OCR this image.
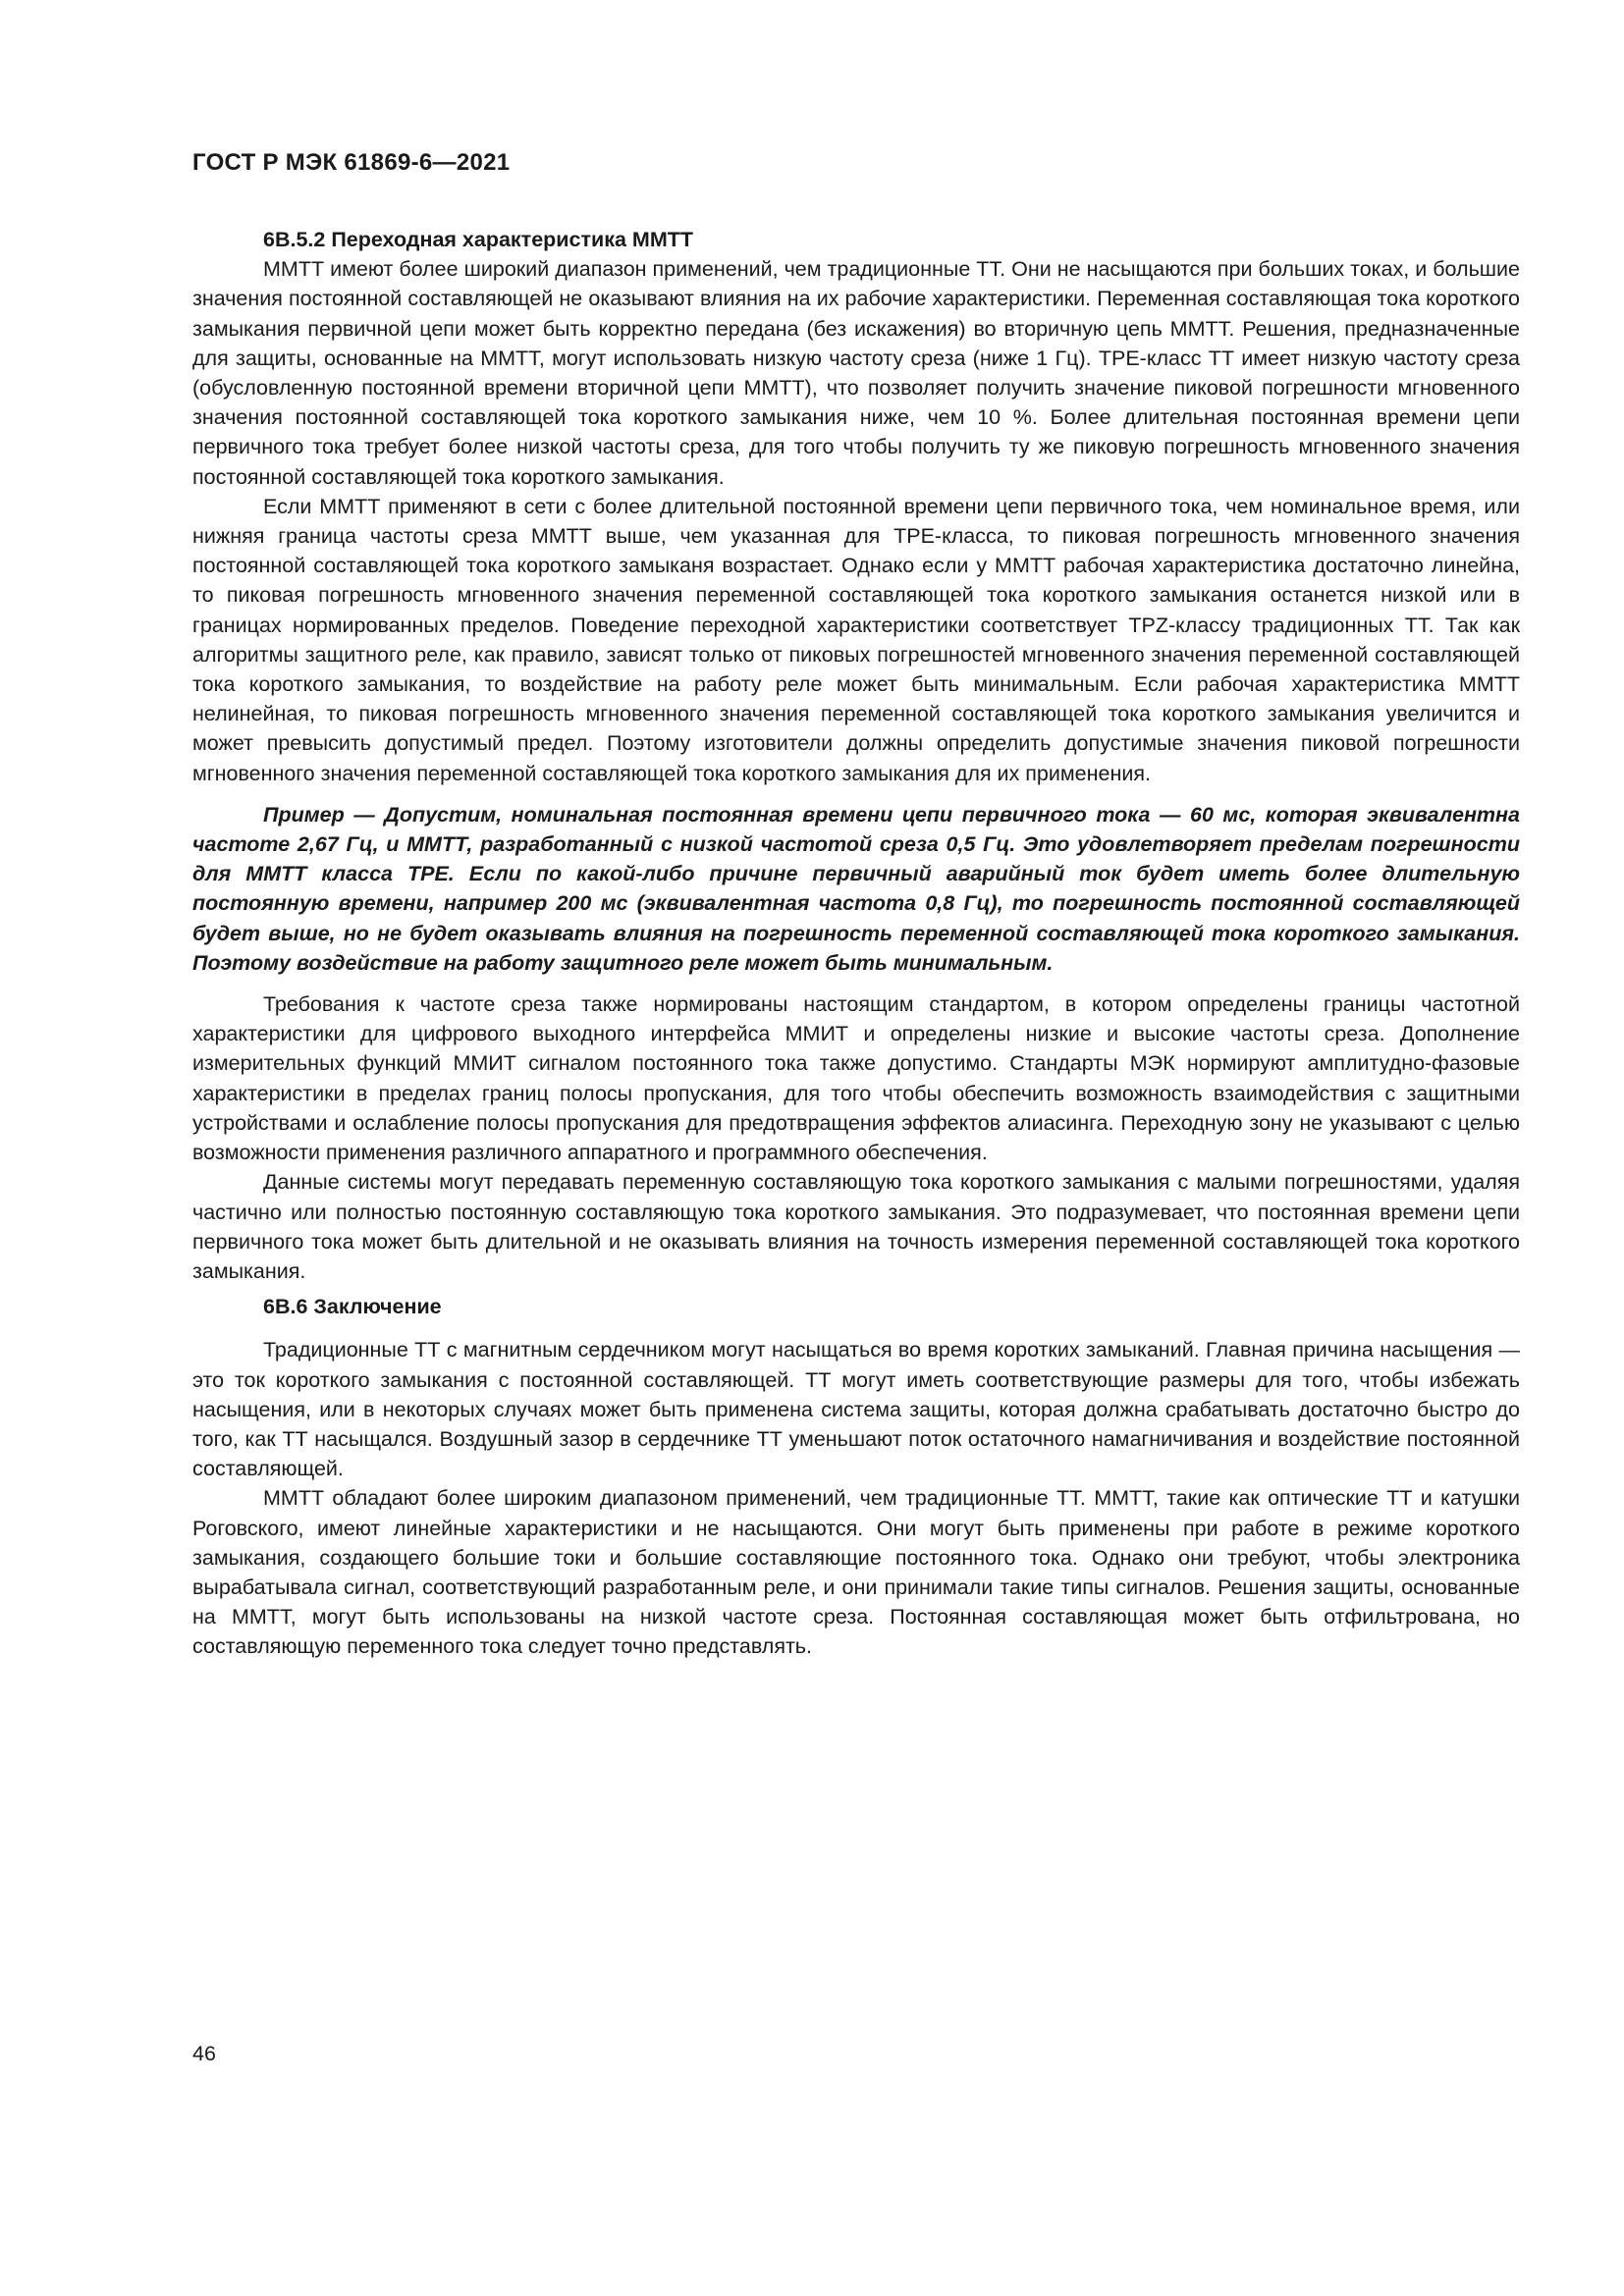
ГОСТ Р МЭК 61869-6—2021
6В.5.2 Переходная характеристика ММТТ

ММТТ имеют более широкий диапазон применений, чем традиционные ТТ. Они не насыщаются при больших токах, и большие значения постоянной составляющей не оказывают влияния на их рабочие характеристики. Переменная составляющая тока короткого замыкания первичной цепи может быть корректно передана (без искажения) во вторичную цепь ММТТ. Решения, предназначенные для защиты, основанные на ММТТ, могут использовать низкую частоту среза (ниже 1 Гц). ТРЕ-класс ТТ имеет низкую частоту среза (обусловленную постоянной времени вторичной цепи ММТТ), что позволяет получить значение пиковой погрешности мгновенного значения постоянной составляющей тока короткого замыкания ниже, чем 10 %. Более длительная постоянная времени цепи первичного тока требует более низкой частоты среза, для того чтобы получить ту же пиковую погрешность мгновенного значения постоянной составляющей тока короткого замыкания.

Если ММТТ применяют в сети с более длительной постоянной времени цепи первичного тока, чем номинальное время, или нижняя граница частоты среза ММТТ выше, чем указанная для ТРЕ-класса, то пиковая погрешность мгновенного значения постоянной составляющей тока короткого замыканя возрастает. Однако если у ММТТ рабочая характеристика достаточно линейна, то пиковая погрешность мгновенного значения переменной составляющей тока короткого замыкания останется низкой или в границах нормированных пределов. Поведение переходной характеристики соответствует TPZ-классу традиционных ТТ. Так как алгоритмы защитного реле, как правило, зависят только от пиковых погрешностей мгновенного значения переменной составляющей тока короткого замыкания, то воздействие на работу реле может быть минимальным. Если рабочая характеристика ММТТ нелинейная, то пиковая погрешность мгновенного значения переменной составляющей тока короткого замыкания увеличится и может превысить допустимый предел. Поэтому изготовители должны определить допустимые значения пиковой погрешности мгновенного значения переменной составляющей тока короткого замыкания для их применения.

Пример — Допустим, номинальная постоянная времени цепи первичного тока — 60 мс, которая эквивалентна частоте 2,67 Гц, и ММТТ, разработанный с низкой частотой среза 0,5 Гц. Это удовлетворяет пределам погрешности для ММТТ класса ТРЕ. Если по какой-либо причине первичный аварийный ток будет иметь более длительную постоянную времени, например 200 мс (эквивалентная частота 0,8 Гц), то погрешность постоянной составляющей будет выше, но не будет оказывать влияния на погрешность переменной составляющей тока короткого замыкания. Поэтому воздействие на работу защитного реле может быть минимальным.

Требования к частоте среза также нормированы настоящим стандартом, в котором определены границы частотной характеристики для цифрового выходного интерфейса ММИТ и определены низкие и высокие частоты среза. Дополнение измерительных функций ММИТ сигналом постоянного тока также допустимо. Стандарты МЭК нормируют амплитудно-фазовые характеристики в пределах границ полосы пропускания, для того чтобы обеспечить возможность взаимодействия с защитными устройствами и ослабление полосы пропускания для предотвращения эффектов алиасинга. Переходную зону не указывают с целью возможности применения различного аппаратного и программного обеспечения.

Данные системы могут передавать переменную составляющую тока короткого замыкания с малыми погрешностями, удаляя частично или полностью постоянную составляющую тока короткого замыкания. Это подразумевает, что постоянная времени цепи первичного тока может быть длительной и не оказывать влияния на точность измерения переменной составляющей тока короткого замыкания.

6В.6 Заключение

Традиционные ТТ с магнитным сердечником могут насыщаться во время коротких замыканий. Главная причина насыщения — это ток короткого замыкания с постоянной составляющей. ТТ могут иметь соответствующие размеры для того, чтобы избежать насыщения, или в некоторых случаях может быть применена система защиты, которая должна срабатывать достаточно быстро до того, как ТТ насыщался. Воздушный зазор в сердечнике ТТ уменьшают поток остаточного намагничивания и воздействие постоянной составляющей.

ММТТ обладают более широким диапазоном применений, чем традиционные ТТ. ММТТ, такие как оптические ТТ и катушки Роговского, имеют линейные характеристики и не насыщаются. Они могут быть применены при работе в режиме короткого замыкания, создающего большие токи и большие составляющие постоянного тока. Однако они требуют, чтобы электроника вырабатывала сигнал, соответствующий разработанным реле, и они принимали такие типы сигналов. Решения защиты, основанные на ММТТ, могут быть использованы на низкой частоте среза. Постоянная составляющая может быть отфильтрована, но составляющую переменного тока следует точно представлять.

46
